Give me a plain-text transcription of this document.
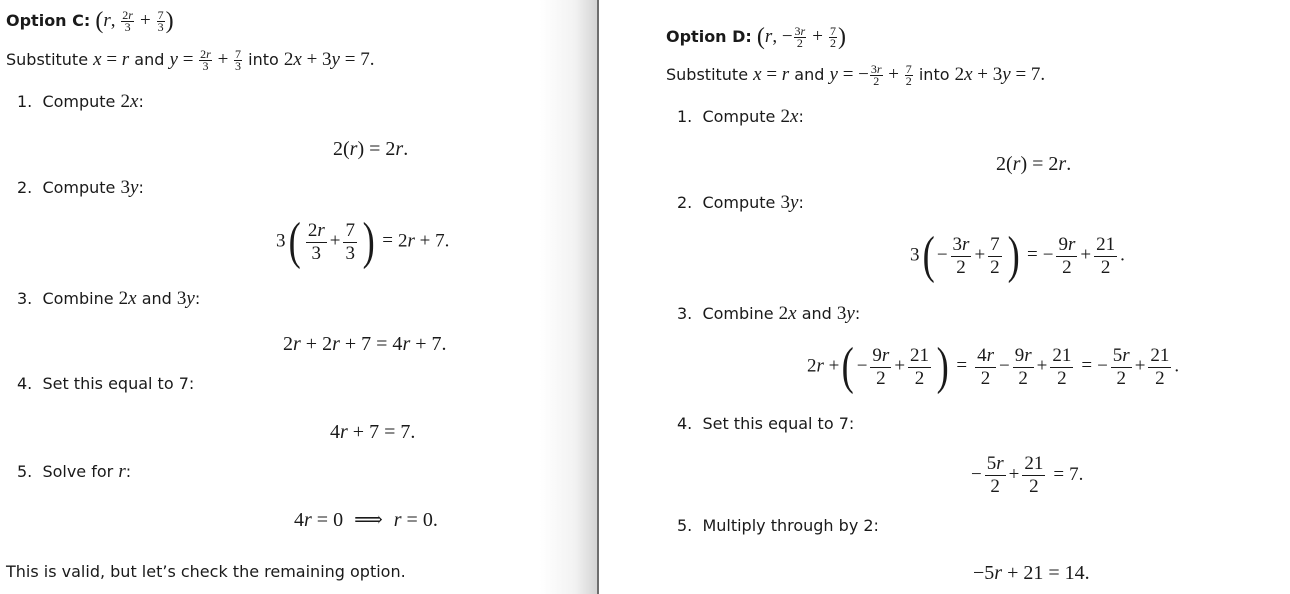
Option C: (r, $\frac{2r}{3} + \frac{7}{3}$ )
Substitute x = r and $y = \frac{2r}{3} + \frac{7}{3}$ into 2x + 3y = 7.
1. Compute 2x:
2(r) = 2r.
2. Compute 3y:
$3( \frac{2r}{3} + \frac{7}{3}$ ) = 2r + 7.
3. Combine 2x and 3y:
2r + 2r + 7 = 4r + 7.
4. Set this equal to 7:
4r + 7 = 7.
5. Solve for r:
4r = 0 ⟹ r = 0.
This is valid, but let’s check the remaining option.
Option D: (r, − $\frac{3r}{2} + \frac{7}{2}$ )
Substitute x = r and y = − $\frac{3r}{2} + \frac{7}{2}$ into 2x + 3y = 7.
1. Compute 2x:
2(r) = 2r.
2. Compute 3y:
$3( - \frac{3r}{2} + \frac{7}{2}$ ) = − $\frac{9r}{2} + \frac{21}{2}$ .
3. Combine 2x and 3y:
2r +( − $\frac{9r}{2} + \frac{21}{2}$ ) = $\frac{4r}{2} - \frac{9r}{2} + \frac{21}{2}$ = − $\frac{5r}{2} + \frac{21}{2}$ .
4. Set this equal to 7:
− $\frac{5r}{2} + \frac{21}{2} = 7$.
5. Multiply through by 2:
−5r + 21 = 14.
